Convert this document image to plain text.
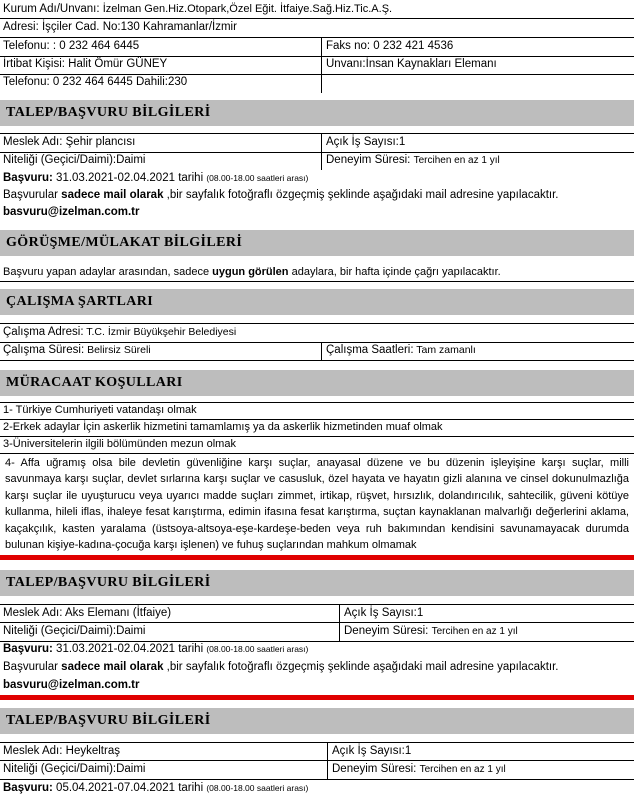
Kurum Adı/Unvanı: İzelman Gen.Hiz.Otopark,Özel Eğit. İtfaiye.Sağ.Hiz.Tic.A.Ş.
Adresi: İşçiler Cad. No:130 Kahramanlar/İzmir
Telefonu: : 0 232 464 6445	Faks no: 0 232 421 4536
İrtibat Kişisi: Halit Ömür GÜNEY	Unvanı:İnsan Kaynakları Elemanı
Telefonu: 0 232 464 6445 Dahili:230
TALEP/BAŞVURU BİLGİLERİ
Meslek Adı: Şehir plancısı	Açık İş Sayısı:1
Niteliği (Geçici/Daimi):Daimi	Deneyim Süresi: Tercihen en az 1 yıl
Başvuru: 31.03.2021-02.04.2021 tarihi (08.00-18.00 saatleri arası)
Başvurular sadece mail olarak ,bir sayfalık fotoğraflı özgeçmiş şeklinde aşağıdaki mail adresine yapılacaktır.
basvuru@izelman.com.tr
GÖRÜŞME/MÜLAKAT BİLGİLERİ
Başvuru yapan adaylar arasından, sadece uygun görülen adaylara, bir hafta içinde çağrı yapılacaktır.
ÇALIŞMA ŞARTLARI
Çalışma Adresi: T.C. İzmir Büyükşehir Belediyesi
Çalışma Süresi: Belirsiz Süreli	Çalışma Saatleri: Tam zamanlı
MÜRACAAT KOŞULLARI
1- Türkiye Cumhuriyeti vatandaşı olmak
2-Erkek adaylar İçin askerlik hizmetini tamamlamış ya da askerlik hizmetinden muaf olmak
3-Üniversitelerin ilgili bölümünden mezun olmak
4- Affa uğramış olsa bile devletin güvenliğine karşı suçlar, anayasal düzene ve bu düzenin işleyişine karşı suçlar, milli savunmaya karşı suçlar, devlet sırlarına karşı suçlar ve casusluk, özel hayata ve hayatın gizli alanına ve cinsel dokunulmazlığa karşı suçlar ile uyuşturucu veya uyarıcı madde suçları zimmet, irtikap, rüşvet, hırsızlık, dolandırıcılık, sahtecilik, güveni kötüye kullanma, hileli iflas, ihaleye fesat karıştırma, edimin ifasına fesat karıştırma, suçtan kaynaklanan malvarlığı değerlerini aklama, kaçakçılık, kasten yaralama (üstsoya-altsoya-eşe-kardeşe-beden veya ruh bakımından kendisini savunamayacak durumda bulunan kişiye-kadına-çocuğa karşı işlenen) ve fuhuş suçlarından mahkum olmamak
TALEP/BAŞVURU BİLGİLERİ
Meslek Adı: Aks Elemanı (İtfaiye)	Açık İş Sayısı:1
Niteliği (Geçici/Daimi):Daimi	Deneyim Süresi: Tercihen en az 1 yıl
Başvuru: 31.03.2021-02.04.2021 tarihi (08.00-18.00 saatleri arası)
Başvurular sadece mail olarak ,bir sayfalık fotoğraflı özgeçmiş şeklinde aşağıdaki mail adresine yapılacaktır.
basvuru@izelman.com.tr
TALEP/BAŞVURU BİLGİLERİ
Meslek Adı: Heykeltraş	Açık İş Sayısı:1
Niteliği (Geçici/Daimi):Daimi	Deneyim Süresi: Tercihen en az 1 yıl
Başvuru: 05.04.2021-07.04.2021 tarihi (08.00-18.00 saatleri arası)
